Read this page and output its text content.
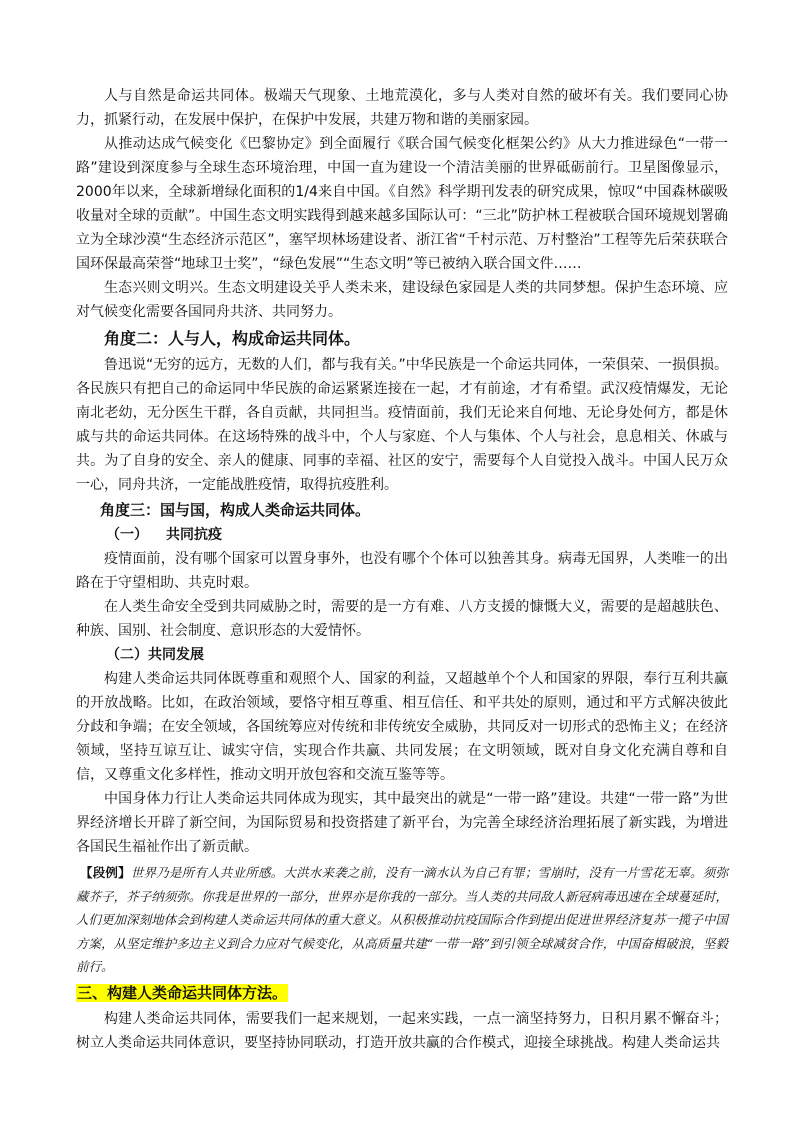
人与自然是命运共同体。极端天气现象、土地荒漠化，多与人类对自然的破坏有关。我们要同心协力，抓紧行动，在发展中保护，在保护中发展，共建万物和谐的美丽家园。

从推动达成气候变化《巴黎协定》到全面履行《联合国气候变化框架公约》从大力推进绿色“一带一路”建设到深度参与全球生态环境治理，中国一直为建设一个清洁美丽的世界砥砺前行。卫星图像显示，2000年以来，全球新增绿化面积的1/4来自中国。《自然》科学期刊发表的研究成果，惊叹“中国森林碳吸收量对全球的贡献”。中国生态文明实践得到越来越多国际认可：“三北”防护林工程被联合国环境规划署确立为全球沙漠“生态经济示范区”，塞罕坝林场建设者、浙江省“千村示范、万村整治”工程等先后荣获联合国环保最高荣誉“地球卫士奖”，“绿色发展”“生态文明”等已被纳入联合国文件……

生态兴则文明兴。生态文明建设关乎人类未来，建设绿色家园是人类的共同梦想。保护生态环境、应对气候变化需要各国同舟共济、共同努力。

角度二：人与人，构成命运共同体。

鲁迅说“无穷的远方，无数的人们，都与我有关。”中华民族是一个命运共同体，一荣俱荣、一损俱损。各民族只有把自己的命运同中华民族的命运紧紧连接在一起，才有前途，才有希望。武汉疫情爆发，无论南北老幼，无分医生干群，各自贡献，共同担当。疫情面前，我们无论来自何地、无论身处何方，都是休戚与共的命运共同体。在这场特殊的战斗中，个人与家庭、个人与集体、个人与社会，息息相关、休戚与共。为了自身的安全、亲人的健康、同事的幸福、社区的安宁，需要每个人自觉投入战斗。中国人民万众一心，同舟共济，一定能战胜疫情，取得抗疫胜利。

角度三：国与国，构成人类命运共同体。

（一） 共同抗疫

疫情面前，没有哪个国家可以置身事外，也没有哪个个体可以独善其身。病毒无国界，人类唯一的出路在于守望相助、共克时艰。

在人类生命安全受到共同威胁之时，需要的是一方有难、八方支援的慷慨大义，需要的是超越肤色、种族、国别、社会制度、意识形态的大爱情怀。

（二）共同发展

构建人类命运共同体既尊重和观照个人、国家的利益，又超越单个个人和国家的界限，奉行互利共赢的开放战略。比如，在政治领域，要恪守相互尊重、相互信任、和平共处的原则，通过和平方式解决彼此分歧和争端；在安全领域，各国统筹应对传统和非传统安全威胁，共同反对一切形式的恐怖主义；在经济领域，坚持互谅互让、诚实守信，实现合作共赢、共同发展；在文明领域，既对自身文化充满自尊和自信，又尊重文化多样性，推动文明开放包容和交流互鉴等等。

中国身体力行让人类命运共同体成为现实，其中最突出的就是“一带一路”建设。共建“一带一路”为世界经济增长开辟了新空间，为国际贸易和投资搭建了新平台，为完善全球经济治理拓展了新实践，为增进各国民生福祉作出了新贡献。

【段例】世界乃是所有人共业所感。大洪水来袭之前，没有一滴水认为自己有罪；雪崩时，没有一片雪花无辜。须弥藏芥子，芥子纳须弥。你我是世界的一部分，世界亦是你我的一部分。当人类的共同敌人新冠病毒迅速在全球蔓延时，人们更加深刻地体会到构建人类命运共同体的重大意义。从积极推动抗疫国际合作到提出促进世界经济复苏一揽子中国方案，从坚定维护多边主义到合力应对气候变化，从高质量共建“一带一路”到引领全球减贫合作，中国奋楫破浪，坚毅前行。

三、构建人类命运共同体方法。

构建人类命运共同体，需要我们一起来规划，一起来实践，一点一滴坚持努力，日积月累不懈奋斗；树立人类命运共同体意识，要坚持协同联动，打造开放共赢的合作模式，迎接全球挑战。构建人类命运共
